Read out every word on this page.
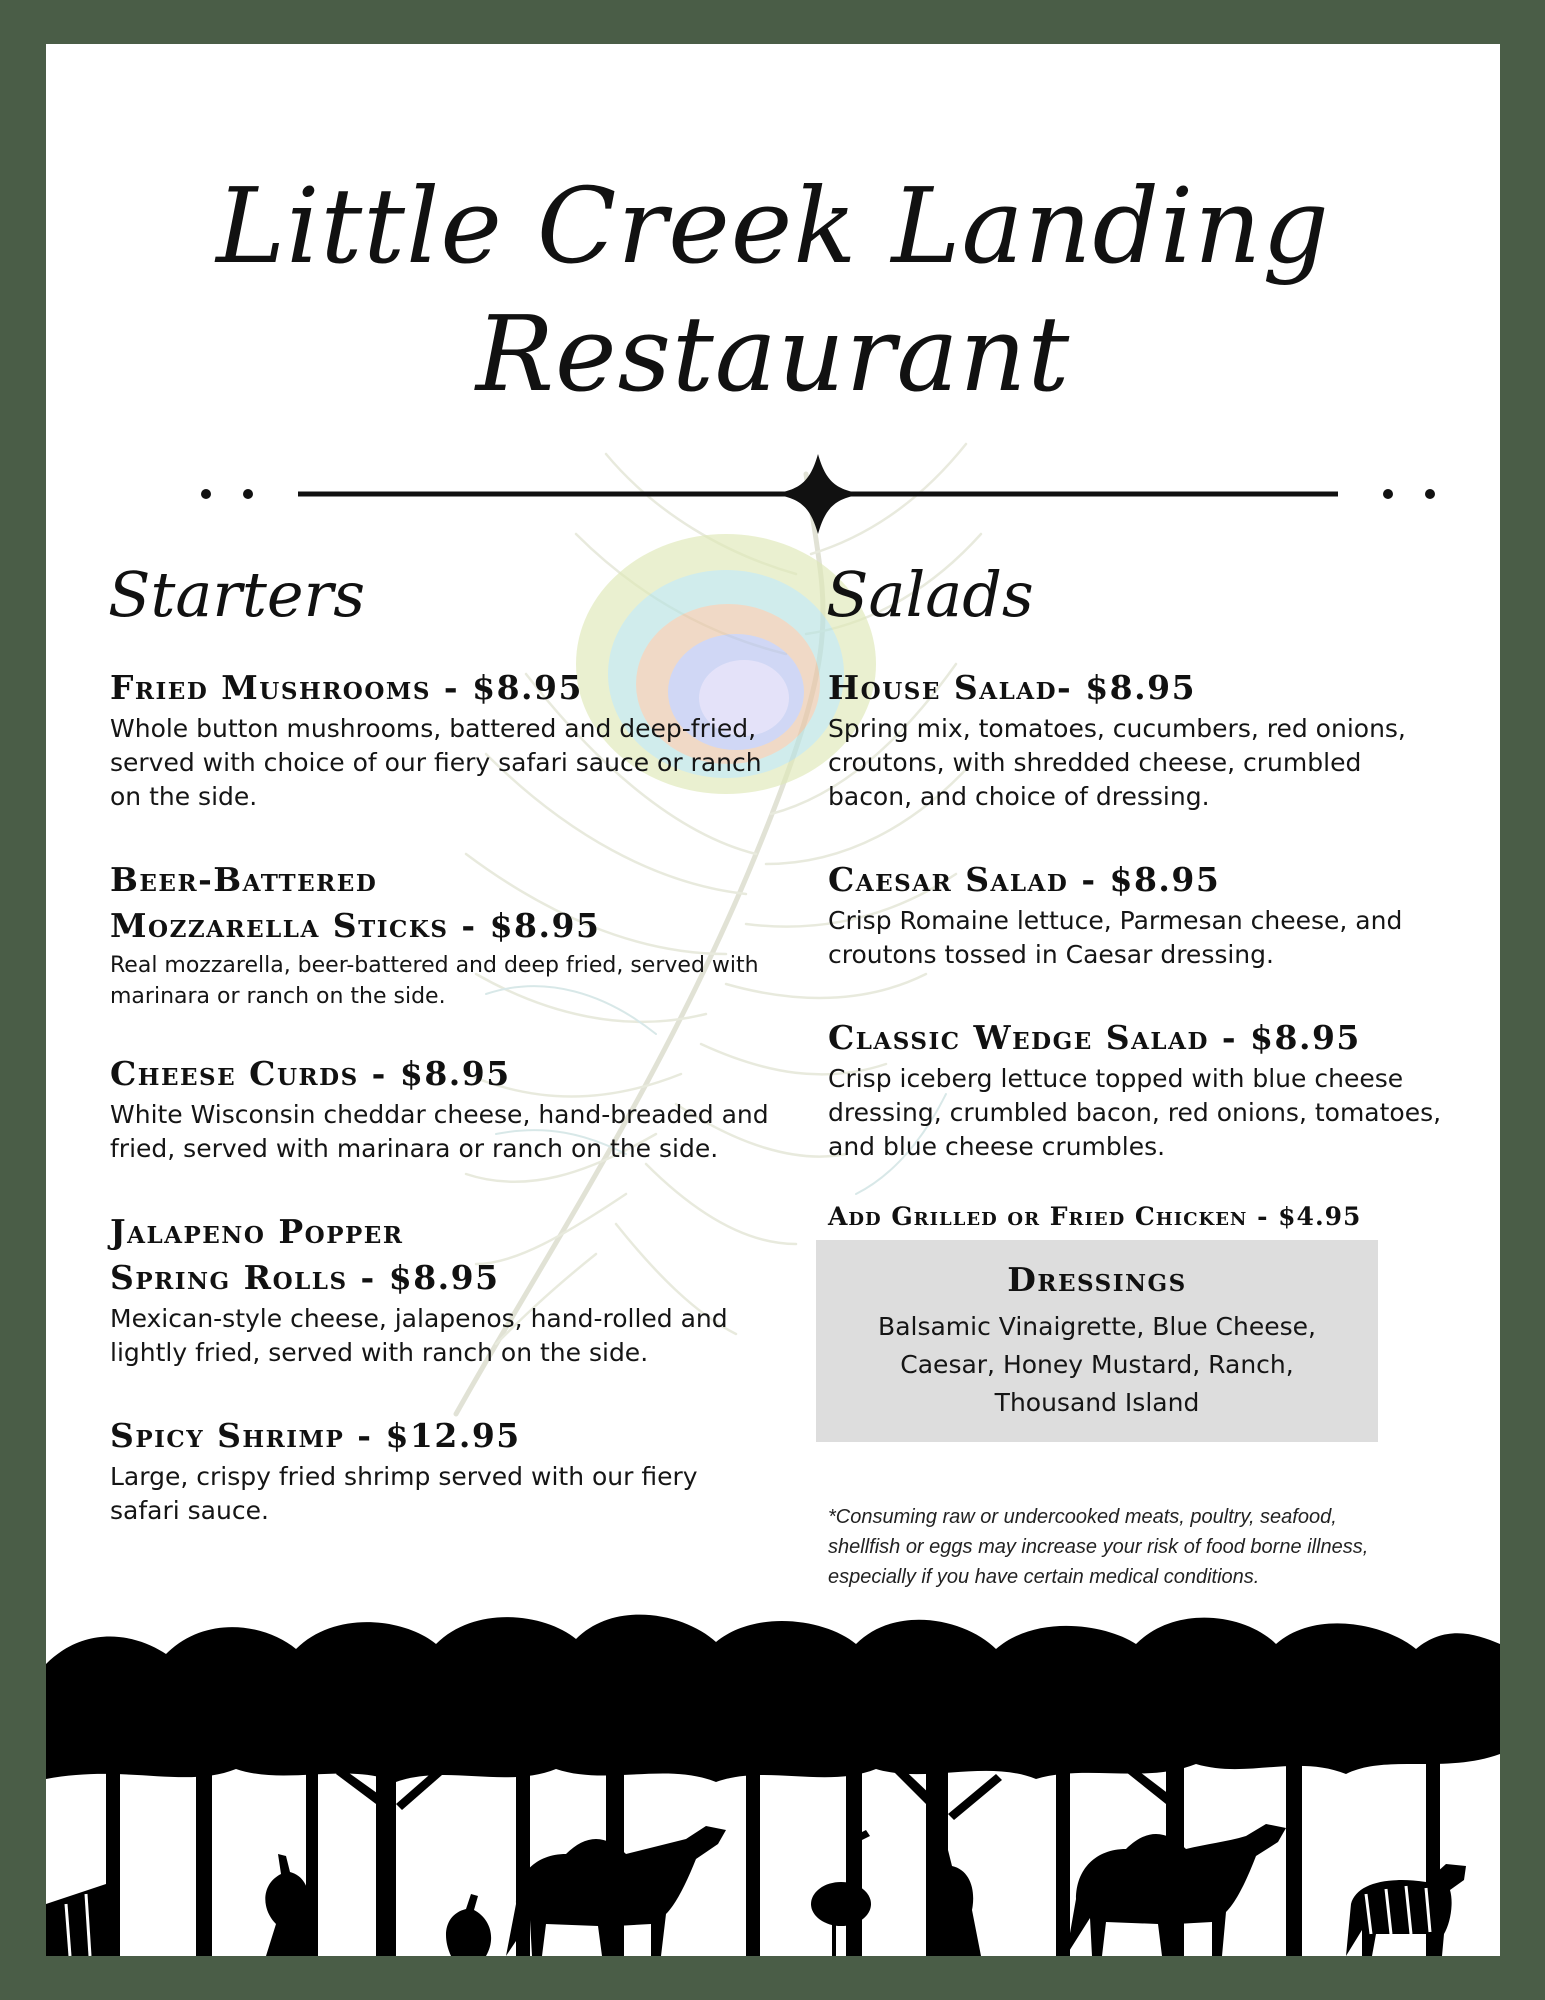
Little Creek Landing
Restaurant
Starters
Fried Mushrooms - $8.95
Whole button mushrooms, battered and deep-fried, served with choice of our fiery safari sauce or ranch on the side.
Beer-Battered
Mozzarella Sticks - $8.95
Real mozzarella, beer-battered and deep fried, served with marinara or ranch on the side.
Cheese Curds - $8.95
White Wisconsin cheddar cheese, hand-breaded and fried, served with marinara or ranch on the side.
Jalapeno Popper
Spring Rolls - $8.95
Mexican-style cheese, jalapenos, hand-rolled and lightly fried, served with ranch on the side.
Spicy Shrimp - $12.95
Large, crispy fried shrimp served with our fiery safari sauce.
Salads
House Salad- $8.95
Spring mix, tomatoes, cucumbers, red onions, croutons, with shredded cheese, crumbled bacon, and choice of dressing.
Caesar Salad - $8.95
Crisp Romaine lettuce, Parmesan cheese, and croutons tossed in Caesar dressing.
Classic Wedge Salad - $8.95
Crisp iceberg lettuce topped with blue cheese dressing, crumbled bacon, red onions, tomatoes, and blue cheese crumbles.
Add Grilled or Fried Chicken - $4.95
Dressings
Balsamic Vinaigrette, Blue Cheese, Caesar, Honey Mustard, Ranch, Thousand Island
*Consuming raw or undercooked meats, poultry, seafood, shellfish or eggs may increase your risk of food borne illness, especially if you have certain medical conditions.
